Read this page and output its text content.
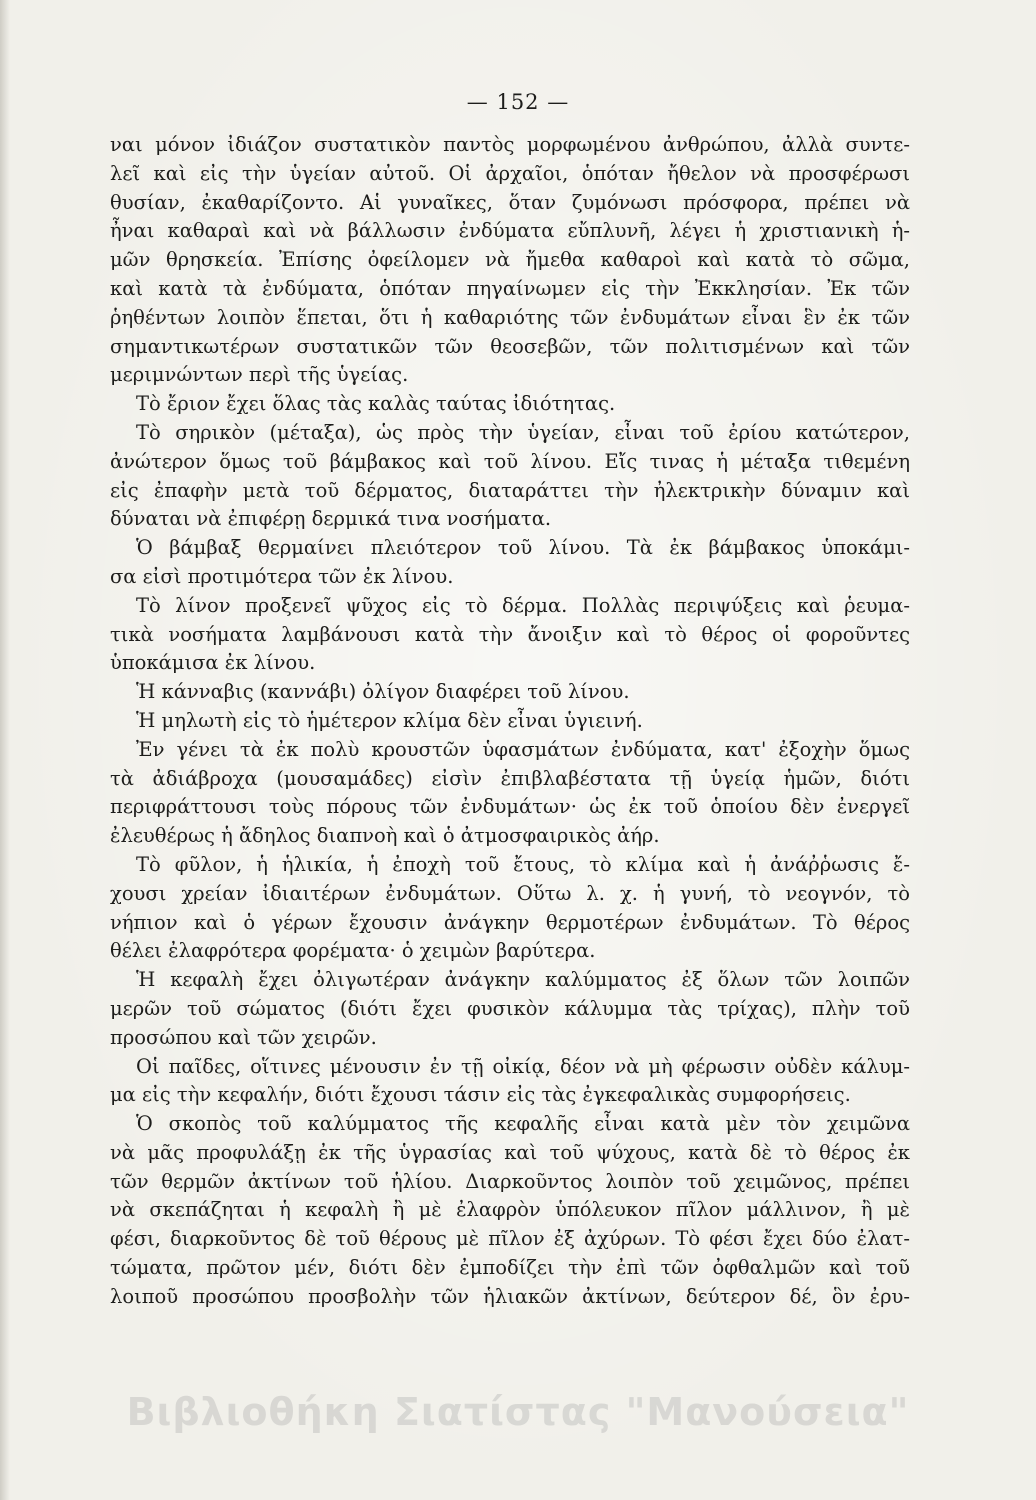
— 152 —
ναι μόνον ἰδιάζον συστατικὸν παντὸς μορφωμένου ἀνθρώπου, ἀλλὰ συντε-
λεῖ καὶ εἰς τὴν ὑγείαν αὐτοῦ. Οἱ ἀρχαῖοι, ὁπόταν ἤθελον νὰ προσφέρωσι
θυσίαν, ἐκαθαρίζοντο. Αἱ γυναῖκες, ὅταν ζυμόνωσι πρόσφορα, πρέπει νὰ
ἦναι καθαραὶ καὶ νὰ βάλλωσιν ἐνδύματα εὔπλυνῆ, λέγει ἡ χριστιανικὴ ἡ-
μῶν θρησκεία. Ἐπίσης ὀφείλομεν νὰ ἤμεθα καθαροὶ καὶ κατὰ τὸ σῶμα,
καὶ κατὰ τὰ ἐνδύματα, ὁπόταν πηγαίνωμεν εἰς τὴν Ἐκκλησίαν. Ἐκ τῶν
ῥηθέντων λοιπὸν ἕπεται, ὅτι ἡ καθαριότης τῶν ἐνδυμάτων εἶναι ἓν ἐκ τῶν
σημαντικωτέρων συστατικῶν τῶν θεοσεβῶν, τῶν πολιτισμένων καὶ τῶν
μεριμνώντων περὶ τῆς ὑγείας.
Τὸ ἔριον ἔχει ὅλας τὰς καλὰς ταύτας ἰδιότητας.
Τὸ σηρικὸν (μέταξα), ὡς πρὸς τὴν ὑγείαν, εἶναι τοῦ ἐρίου κατώτερον,
ἀνώτερον ὅμως τοῦ βάμβακος καὶ τοῦ λίνου. Εἴς τινας ἡ μέταξα τιθεμένη
εἰς ἐπαφὴν μετὰ τοῦ δέρματος, διαταράττει τὴν ἠλεκτρικὴν δύναμιν καὶ
δύναται νὰ ἐπιφέρῃ δερμικά τινα νοσήματα.
Ὁ βάμβαξ θερμαίνει πλειότερον τοῦ λίνου. Τὰ ἐκ βάμβακος ὑποκάμι-
σα εἰσὶ προτιμότερα τῶν ἐκ λίνου.
Τὸ λίνον προξενεῖ ψῦχος εἰς τὸ δέρμα. Πολλὰς περιψύξεις καὶ ῥευμα-
τικὰ νοσήματα λαμβάνουσι κατὰ τὴν ἄνοιξιν καὶ τὸ θέρος οἱ φοροῦντες
ὑποκάμισα ἐκ λίνου.
Ἡ κάνναβις (καννάβι) ὀλίγον διαφέρει τοῦ λίνου.
Ἡ μηλωτὴ εἰς τὸ ἡμέτερον κλίμα δὲν εἶναι ὑγιεινή.
Ἐν γένει τὰ ἐκ πολὺ κρουστῶν ὑφασμάτων ἐνδύματα, κατ' ἐξοχὴν ὅμως
τὰ ἀδιάβροχα (μουσαμάδες) εἰσὶν ἐπιβλαβέστατα τῇ ὑγείᾳ ἡμῶν, διότι
περιφράττουσι τοὺς πόρους τῶν ἐνδυμάτων· ὡς ἐκ τοῦ ὁποίου δὲν ἐνεργεῖ
ἐλευθέρως ἡ ἄδηλος διαπνοὴ καὶ ὁ ἀτμοσφαιρικὸς ἀήρ.
Τὸ φῦλον, ἡ ἡλικία, ἡ ἐποχὴ τοῦ ἔτους, τὸ κλίμα καὶ ἡ ἀνάῤῥωσις ἔ-
χουσι χρείαν ἰδιαιτέρων ἐνδυμάτων. Οὕτω λ. χ. ἡ γυνή, τὸ νεογνόν, τὸ
νήπιον καὶ ὁ γέρων ἔχουσιν ἀνάγκην θερμοτέρων ἐνδυμάτων. Τὸ θέρος
θέλει ἐλαφρότερα φορέματα· ὁ χειμὼν βαρύτερα.
Ἡ κεφαλὴ ἔχει ὀλιγωτέραν ἀνάγκην καλύμματος ἐξ ὅλων τῶν λοιπῶν
μερῶν τοῦ σώματος (διότι ἔχει φυσικὸν κάλυμμα τὰς τρίχας), πλὴν τοῦ
προσώπου καὶ τῶν χειρῶν.
Οἱ παῖδες, οἵτινες μένουσιν ἐν τῇ οἰκίᾳ, δέον νὰ μὴ φέρωσιν οὐδὲν κάλυμ-
μα εἰς τὴν κεφαλήν, διότι ἔχουσι τάσιν εἰς τὰς ἐγκεφαλικὰς συμφορήσεις.
Ὁ σκοπὸς τοῦ καλύμματος τῆς κεφαλῆς εἶναι κατὰ μὲν τὸν χειμῶνα
νὰ μᾶς προφυλάξῃ ἐκ τῆς ὑγρασίας καὶ τοῦ ψύχους, κατὰ δὲ τὸ θέρος ἐκ
τῶν θερμῶν ἀκτίνων τοῦ ἡλίου. Διαρκοῦντος λοιπὸν τοῦ χειμῶνος, πρέπει
νὰ σκεπάζηται ἡ κεφαλὴ ἢ μὲ ἐλαφρὸν ὑπόλευκον πῖλον μάλλινον, ἢ μὲ
φέσι, διαρκοῦντος δὲ τοῦ θέρους μὲ πῖλον ἐξ ἀχύρων. Τὸ φέσι ἔχει δύο ἐλατ-
τώματα, πρῶτον μέν, διότι δὲν ἐμποδίζει τὴν ἐπὶ τῶν ὀφθαλμῶν καὶ τοῦ
λοιποῦ προσώπου προσβολὴν τῶν ἡλιακῶν ἀκτίνων, δεύτερον δέ, ὃν ἐρυ-
Βιβλιοθήκη Σιατίστας "Μανούσεια"
